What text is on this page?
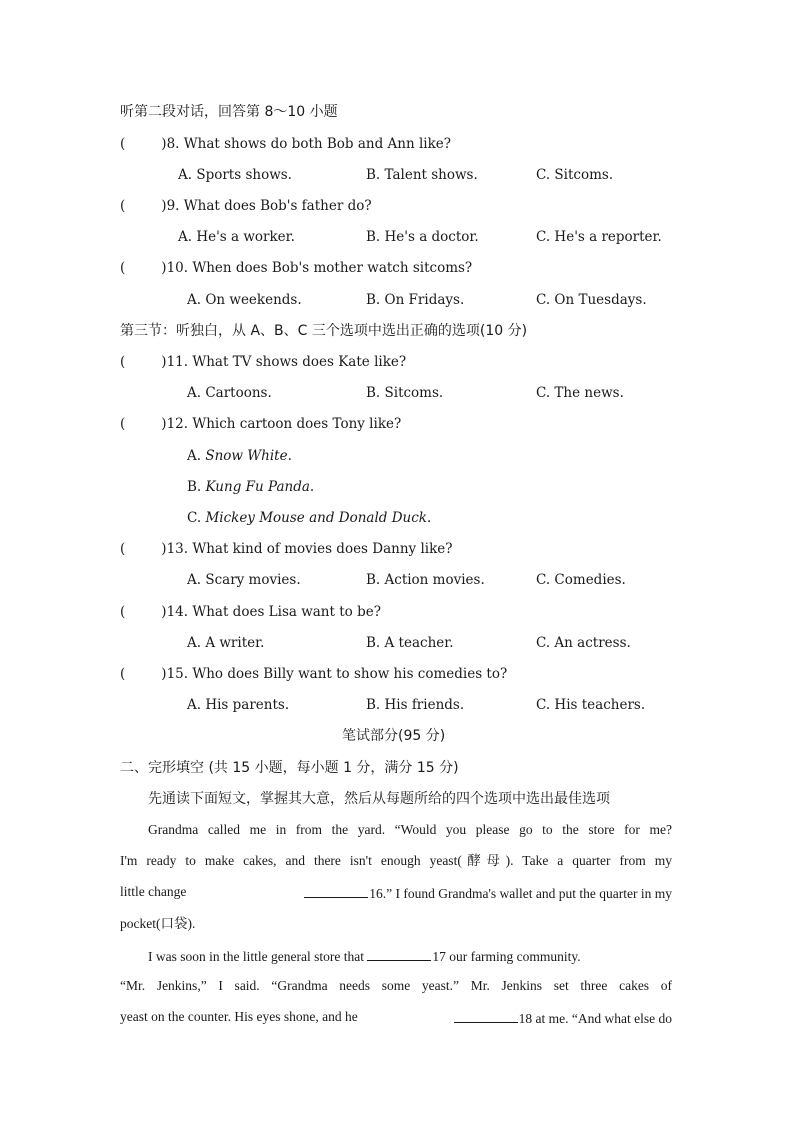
听第二段对话，回答第 8～10 小题
(	)8. What shows do both Bob and Ann like?
A. Sports shows.	B. Talent shows.	C. Sitcoms.
(	)9. What does Bob's father do?
A. He's a worker.	B. He's a doctor.	C. He's a reporter.
(	)10. When does Bob's mother watch sitcoms?
A. On weekends.	B. On Fridays.	C. On Tuesdays.
第三节：听独白，从 A、B、C 三个选项中选出正确的选项(10 分)
(	)11. What TV shows does Kate like?
A. Cartoons.	B. Sitcoms.	C. The news.
(	)12. Which cartoon does Tony like?
A. Snow White.
B. Kung Fu Panda.
C. Mickey Mouse and Donald Duck.
(	)13. What kind of movies does Danny like?
A. Scary movies.	B. Action movies.	C. Comedies.
(	)14. What does Lisa want to be?
A. A writer.	B. A teacher.	C. An actress.
(	)15. Who does Billy want to show his comedies to?
A. His parents.	B. His friends.	C. His teachers.
笔试部分(95 分)
二、完形填空 (共 15 小题，每小题 1 分，满分 15 分)
先通读下面短文，掌握其大意，然后从每题所给的四个选项中选出最佳选项
Grandma called me in from the yard. “Would you please go to the store for me?
I'm ready to make cakes, and there isn't enough yeast(酵母). Take a quarter from my
little change	16.” I found Grandma's wallet and put the quarter in my
pocket(口袋).
I was soon in the little general store that	17 our farming community.
“Mr. Jenkins,” I said. “Grandma needs some yeast.” Mr. Jenkins set three cakes of
yeast on the counter. His eyes shone, and he	18 at me. “And what else do
